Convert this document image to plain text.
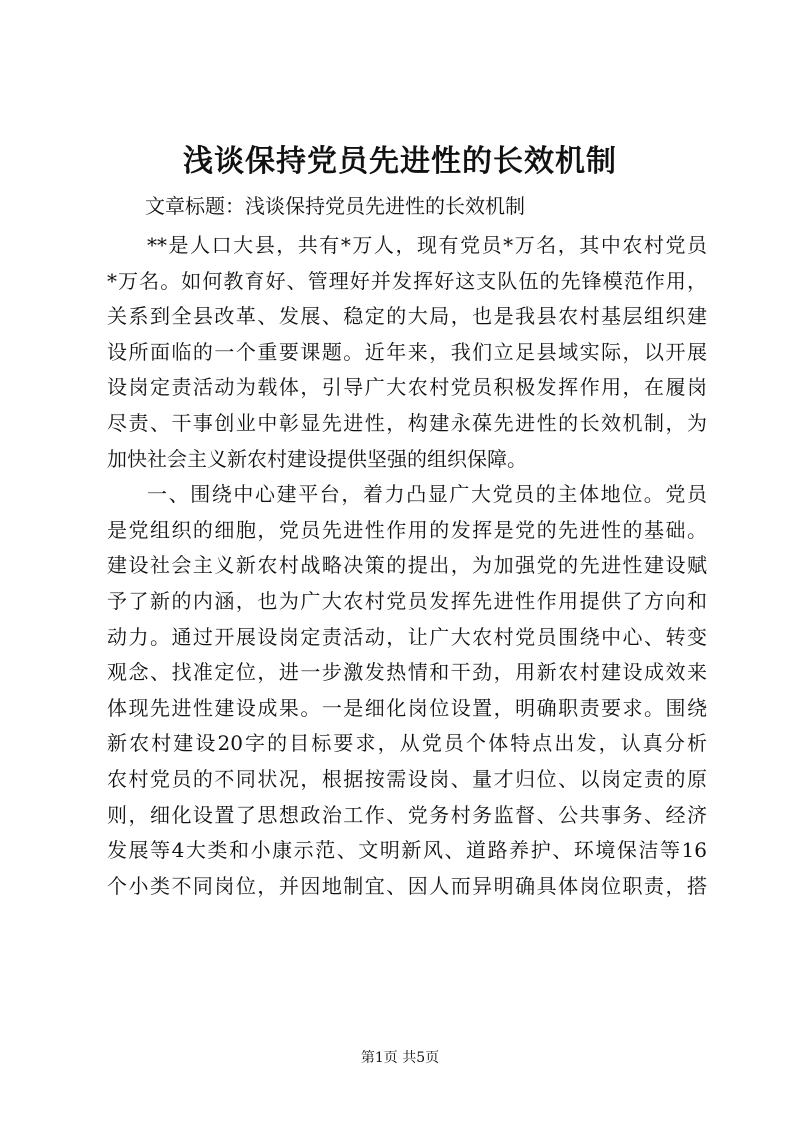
浅谈保持党员先进性的长效机制

文章标题：浅谈保持党员先进性的长效机制

**是人口大县，共有*万人，现有党员*万名，其中农村党员
*万名。如何教育好、管理好并发挥好这支队伍的先锋模范作用，
关系到全县改革、发展、稳定的大局，也是我县农村基层组织建
设所面临的一个重要课题。近年来，我们立足县域实际，以开展
设岗定责活动为载体，引导广大农村党员积极发挥作用，在履岗
尽责、干事创业中彰显先进性，构建永葆先进性的长效机制，为
加快社会主义新农村建设提供坚强的组织保障。
一、围绕中心建平台，着力凸显广大党员的主体地位。党员
是党组织的细胞，党员先进性作用的发挥是党的先进性的基础。
建设社会主义新农村战略决策的提出，为加强党的先进性建设赋
予了新的内涵，也为广大农村党员发挥先进性作用提供了方向和
动力。通过开展设岗定责活动，让广大农村党员围绕中心、转变
观念、找准定位，进一步激发热情和干劲，用新农村建设成效来
体现先进性建设成果。一是细化岗位设置，明确职责要求。围绕
新农村建设20字的目标要求，从党员个体特点出发，认真分析
农村党员的不同状况，根据按需设岗、量才归位、以岗定责的原
则，细化设置了思想政治工作、党务村务监督、公共事务、经济
发展等4大类和小康示范、文明新风、道路养护、环境保洁等16
个小类不同岗位，并因地制宜、因人而异明确具体岗位职责，搭

第1页 共5页
